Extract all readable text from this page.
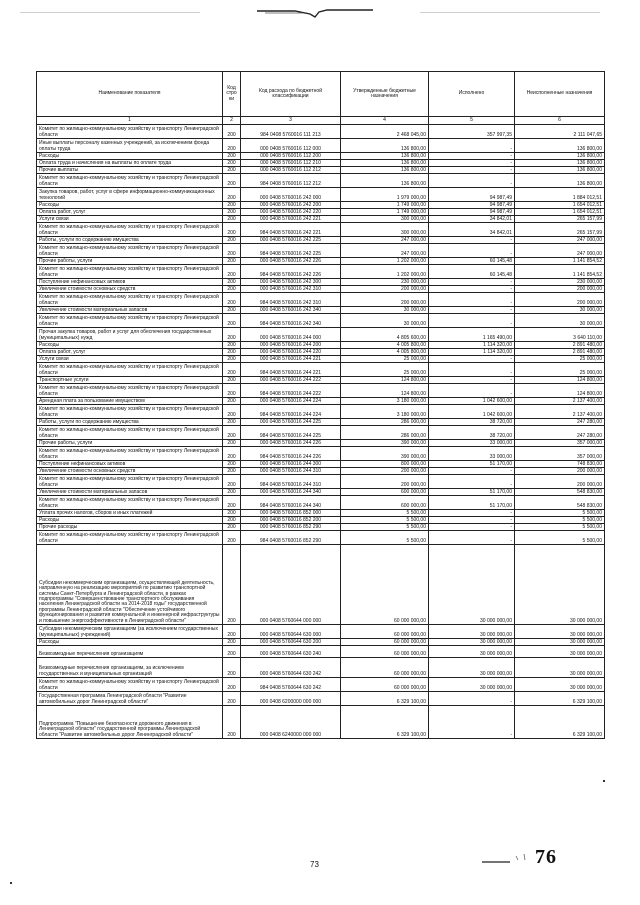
Наименование показателя	Код стро ки	Код расхода по бюджетной классификации	Утвержденные бюджетные назначения	Исполнено	Неисполненные назначения
1	2	3	4	5	6
Комитет по жилищно-коммунальному хозяйству и транспорту Ленинградской области	200	984 0408 5760016 111 213	2 468 045,00	357 997,35	2 111 047,65
Иные выплаты персоналу казенных учреждений, за исключением фонда оплаты труда	200	000 0408 5760016 112 000	136 800,00	-	136 800,00
Расходы	200	000 0408 5760016 112 200	136 800,00	-	136 800,00
Оплата труда и начисления на выплаты по оплате труда	200	000 0408 5760016 112 210	136 800,00	-	136 800,00
Прочие выплаты	200	000 0408 5760016 112 212	136 800,00	-	136 800,00
Комитет по жилищно-коммунальному хозяйству и транспорту Ленинградской области	200	984 0408 5760016 112 212	136 800,00	-	136 800,00
Закупка товаров, работ, услуг в сфере информационно-коммуникационных технологий	200	000 0408 5760016 242 000	1 979 000,00	94 987,49	1 884 012,51
Расходы	200	000 0408 5760016 242 200	1 749 000,00	94 987,49	1 654 012,51
Оплата работ, услуг	200	000 0408 5760016 242 220	1 749 000,00	94 987,49	1 654 012,51
Услуги связи	200	000 0408 5760016 242 221	300 000,00	34 842,01	265 157,99
Комитет по жилищно-коммунальному хозяйству и транспорту Ленинградской области	200	984 0408 5760016 242 221	300 000,00	34 842,01	265 157,99
Работы, услуги по содержанию имущества	200	000 0408 5760016 242 225	247 000,00	-	247 000,00
Комитет по жилищно-коммунальному хозяйству и транспорту Ленинградской области	200	984 0408 5760016 242 225	247 000,00	-	247 000,00
Прочие работы, услуги	200	000 0408 5760016 242 226	1 202 000,00	60 145,48	1 141 854,52
Комитет по жилищно-коммунальному хозяйству и транспорту Ленинградской области	200	984 0408 5760016 242 226	1 202 000,00	60 145,48	1 141 854,52
Поступление нефинансовых активов	200	000 0408 5760016 242 300	230 000,00	-	230 000,00
Увеличение стоимости основных средств	200	000 0408 5760016 242 310	200 000,00	-	200 000,00
Комитет по жилищно-коммунальному хозяйству и транспорту Ленинградской области	200	984 0408 5760016 242 310	200 000,00	-	200 000,00
Увеличение стоимости материальных запасов	200	000 0408 5760016 242 340	30 000,00	-	30 000,00
Комитет по жилищно-коммунальному хозяйству и транспорту Ленинградской области	200	984 0408 5760016 242 340	30 000,00	-	30 000,00
Прочая закупка товаров, работ и услуг для обеспечения государственных (муниципальных) нужд	200	000 0408 5760016 244 000	4 805 600,00	1 165 490,00	3 640 110,00
Расходы	200	000 0408 5760016 244 200	4 005 800,00	1 114 320,00	2 891 480,00
Оплата работ, услуг	200	000 0408 5760016 244 220	4 005 800,00	1 114 320,00	2 891 480,00
Услуги связи	200	000 0408 5760016 244 221	25 000,00	-	25 000,00
Комитет по жилищно-коммунальному хозяйству и транспорту Ленинградской области	200	984 0408 5760016 244 221	25 000,00	-	25 000,00
Транспортные услуги	200	000 0408 5760016 244 222	124 800,00	-	124 800,00
Комитет по жилищно-коммунальному хозяйству и транспорту Ленинградской области	200	984 0408 5760016 244 222	124 800,00	-	124 800,00
Арендная плата за пользование имуществом	200	000 0408 5760016 244 224	3 180 000,00	1 042 600,00	2 137 400,00
Комитет по жилищно-коммунальному хозяйству и транспорту Ленинградской области	200	984 0408 5760016 244 224	3 180 000,00	1 042 600,00	2 137 400,00
Работы, услуги по содержанию имущества	200	000 0408 5760016 244 225	286 000,00	38 720,00	247 280,00
Комитет по жилищно-коммунальному хозяйству и транспорту Ленинградской области	200	984 0408 5760016 244 225	286 000,00	38 720,00	247 280,00
Прочие работы, услуги	200	000 0408 5760016 244 226	390 000,00	33 000,00	357 000,00
Комитет по жилищно-коммунальному хозяйству и транспорту Ленинградской области	200	984 0408 5760016 244 226	390 000,00	33 000,00	357 000,00
Поступление нефинансовых активов	200	000 0408 5760016 244 300	800 000,00	51 170,00	748 830,00
Увеличение стоимости основных средств	200	000 0408 5760016 244 310	200 000,00	-	200 000,00
Комитет по жилищно-коммунальному хозяйству и транспорту Ленинградской области	200	984 0408 5760016 244 310	200 000,00	-	200 000,00
Увеличение стоимости материальных запасов	200	000 0408 5760016 244 340	600 000,00	51 170,00	548 830,00
Комитет по жилищно-коммунальному хозяйству и транспорту Ленинградской области	200	984 0408 5760016 244 340	600 000,00	51 170,00	548 830,00
Уплата прочих налогов, сборов и иных платежей	200	000 0408 5760016 852 000	5 500,00	-	5 500,00
Расходы	200	000 0408 5760016 852 200	5 500,00	-	5 500,00
Прочие расходы	200	000 0408 5760016 852 290	5 500,00	-	5 500,00
Комитет по жилищно-коммунальному хозяйству и транспорту Ленинградской области	200	984 0408 5760016 852 290	5 500,00	-	5 500,00
Субсидии некоммерческим организациям, осуществляющей деятельность, направленную на реализацию мероприятий по развитию транспортной системы Санкт-Петербурга и Ленинградской области, в рамках подпрограммы "Совершенствование транспортного обслуживания населения Ленинградской области на 2014-2018 годы" государственной программы Ленинградской области "Обеспечение устойчивого функционирования и развития коммунальной и инженерной инфраструктуры и повышение энергоэффективности в Ленинградской области"	200	000 0408 5760644 000 000	60 000 000,00	30 000 000,00	30 000 000,00
Субсидии некоммерческим организациям (за исключением государственных (муниципальных) учреждений)	200	000 0408 5760644 630 000	60 000 000,00	30 000 000,00	30 000 000,00
Расходы	200	000 0408 5760644 630 200	60 000 000,00	30 000 000,00	30 000 000,00
Безвозмездные перечисления организациям	200	000 0408 5760644 630 240	60 000 000,00	30 000 000,00	30 000 000,00
Безвозмездные перечисления организациям, за исключением государственных и муниципальных организаций	200	000 0408 5760644 630 242	60 000 000,00	30 000 000,00	30 000 000,00
Комитет по жилищно-коммунальному хозяйству и транспорту Ленинградской области	200	984 0408 5760644 630 242	60 000 000,00	30 000 000,00	30 000 000,00
Государственная программа Ленинградской области "Развитие автомобильных дорог Ленинградской области"	200	000 0408 6200000 000 000	6 329 100,00	-	6 329 100,00
Подпрограмма "Повышение безопасности дорожного движения в Ленинградской области" государственной программы Ленинградской области "Развитие автомобильных дорог Ленинградской области"	200	000 0408 6240000 000 000	6 329 100,00	-	6 329 100,00
73	76
